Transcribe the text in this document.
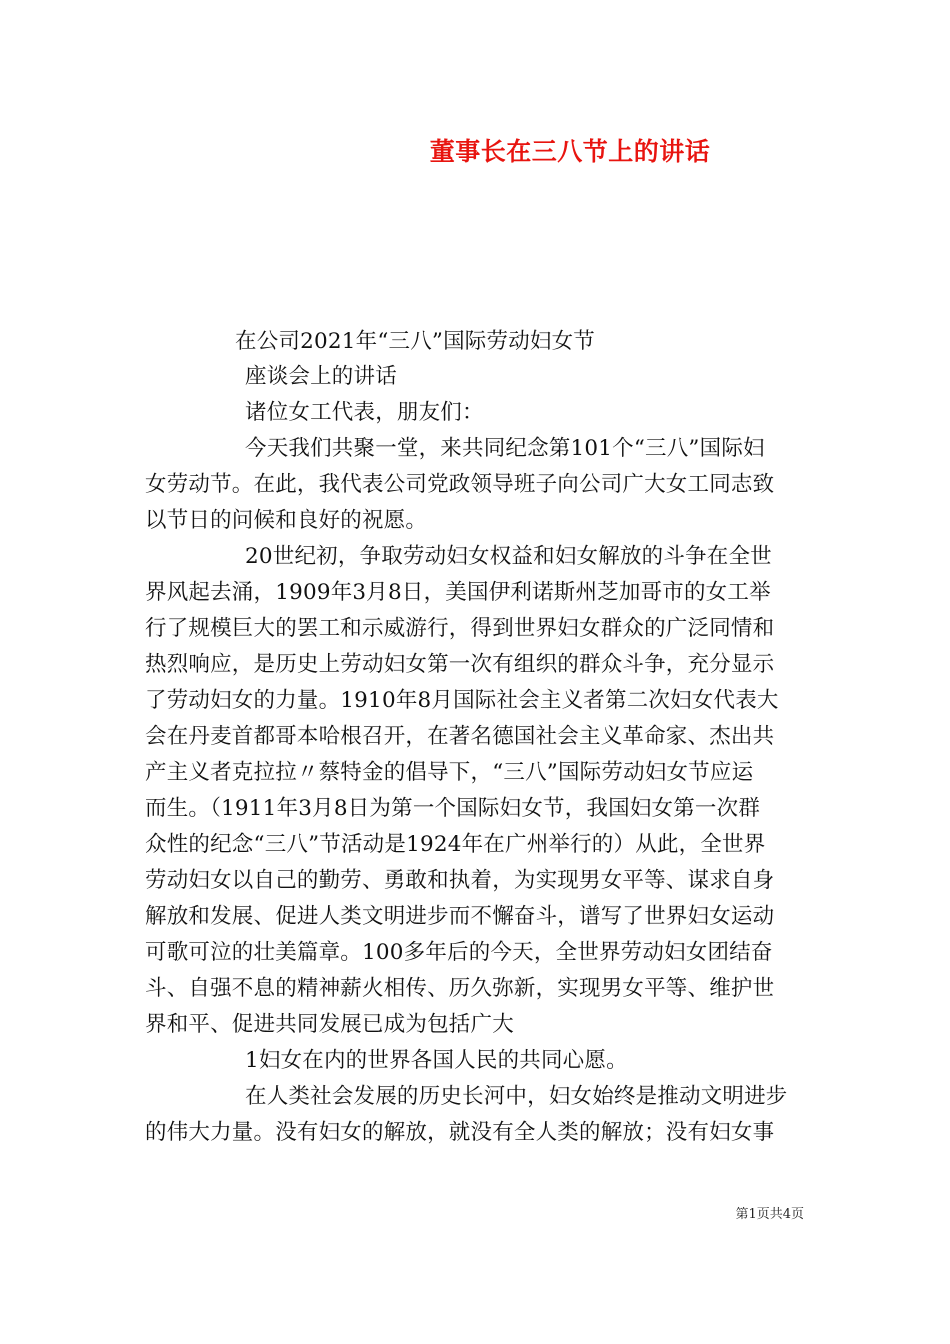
董事长在三八节上的讲话
在公司2021年“三八”国际劳动妇女节
座谈会上的讲话
诸位女工代表，朋友们：
今天我们共聚一堂，来共同纪念第101个“三八”国际妇
女劳动节。在此，我代表公司党政领导班子向公司广大女工同志致
以节日的问候和良好的祝愿。
20世纪初，争取劳动妇女权益和妇女解放的斗争在全世
界风起去涌，1909年3月8日，美国伊利诺斯州芝加哥市的女工举
行了规模巨大的罢工和示威游行，得到世界妇女群众的广泛同情和
热烈响应，是历史上劳动妇女第一次有组织的群众斗争，充分显示
了劳动妇女的力量。1910年8月国际社会主义者第二次妇女代表大
会在丹麦首都哥本哈根召开，在著名德国社会主义革命家、杰出共
产主义者克拉拉〃蔡特金的倡导下，“三八”国际劳动妇女节应运
而生。（1911年3月8日为第一个国际妇女节，我国妇女第一次群
众性的纪念“三八”节活动是1924年在广州举行的）从此，全世界
劳动妇女以自己的勤劳、勇敢和执着，为实现男女平等、谋求自身
解放和发展、促进人类文明进步而不懈奋斗，谱写了世界妇女运动
可歌可泣的壮美篇章。100多年后的今天，全世界劳动妇女团结奋
斗、自强不息的精神薪火相传、历久弥新，实现男女平等、维护世
界和平、促进共同发展已成为包括广大
1妇女在内的世界各国人民的共同心愿。
在人类社会发展的历史长河中，妇女始终是推动文明进步
的伟大力量。没有妇女的解放，就没有全人类的解放；没有妇女事
第1页共4页
